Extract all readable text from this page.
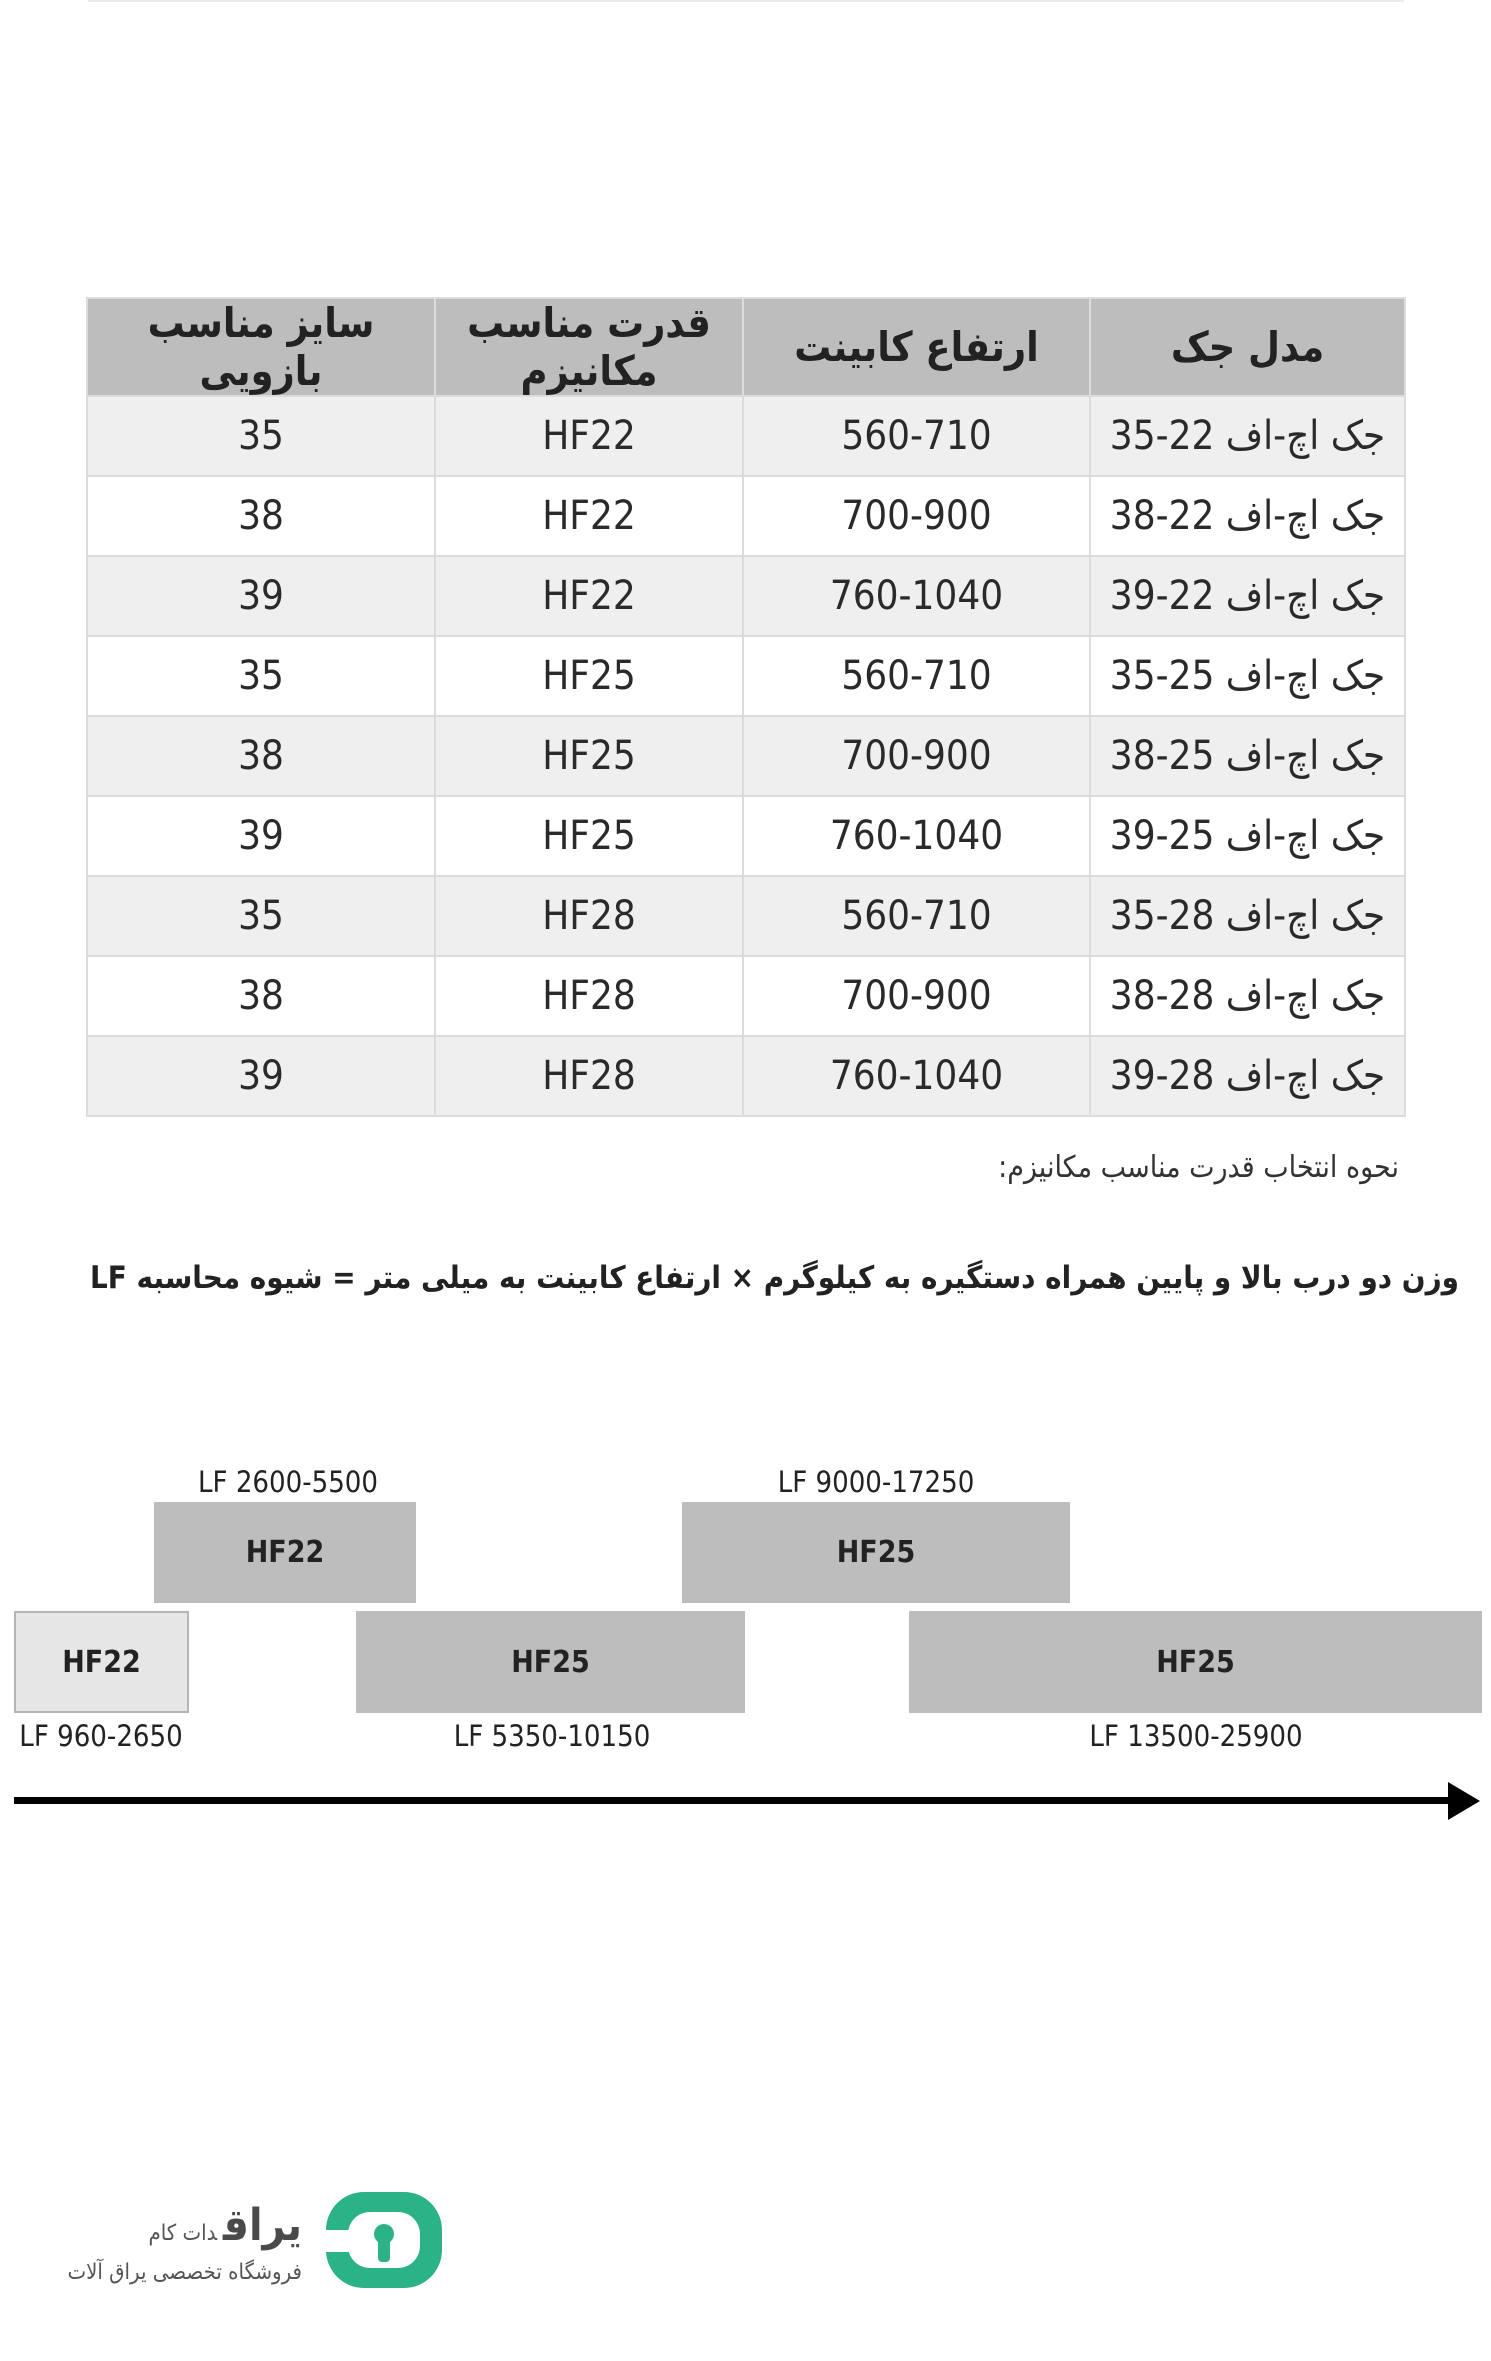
مدل جک	ارتفاع کابینت	قدرت مناسب مکانیزم	سایز مناسب بازویی
جک اچ-اف 22-35	560-710	HF22	35
جک اچ-اف 22-38	700-900	HF22	38
جک اچ-اف 22-39	760-1040	HF22	39
جک اچ-اف 25-35	560-710	HF25	35
جک اچ-اف 25-38	700-900	HF25	38
جک اچ-اف 25-39	760-1040	HF25	39
جک اچ-اف 28-35	560-710	HF28	35
جک اچ-اف 28-38	700-900	HF28	38
جک اچ-اف 28-39	760-1040	HF28	39
نحوه انتخاب قدرت مناسب مکانیزم:
وزن دو درب بالا و پایین همراه دستگیره به کیلوگرم × ارتفاع کابینت به میلی متر = شیوه محاسبه LF
LF 2600-5500
HF22
LF 9000-17250
HF25
HF22
LF 960-2650
HF25
LF 5350-10150
HF25
LF 13500-25900
یراقدات کام
فروشگاه تخصصی یراق آلات
